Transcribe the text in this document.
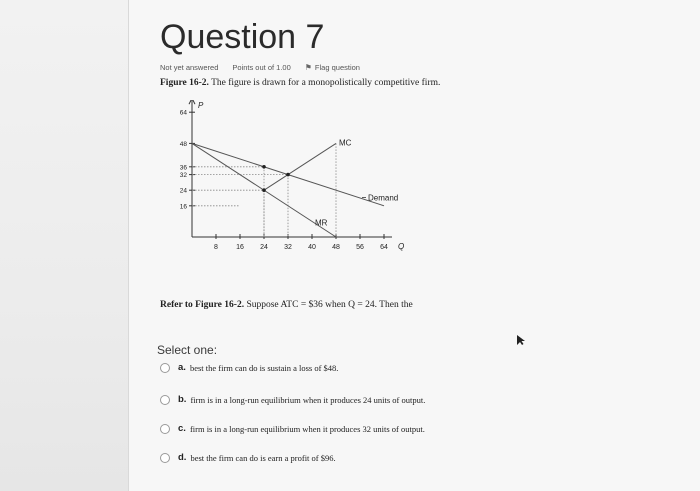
Question 7
Not yet answered Points out of 1.00 ⚑ Flag question
Figure 16-2. The figure is drawn for a monopolistically competitive firm.
P
Q
8	16 24 32 40 48 56 64
16
24
32
36
48
64
MC
Demand
MR
Refer to Figure 16-2. Suppose ATC = $36 when Q = 24. Then the
Select one:
a. best the firm can do is sustain a loss of $48.
b. firm is in a long-run equilibrium when it produces 24 units of output.
c. firm is in a long-run equilibrium when it produces 32 units of output.
d. best the firm can do is earn a profit of $96.
